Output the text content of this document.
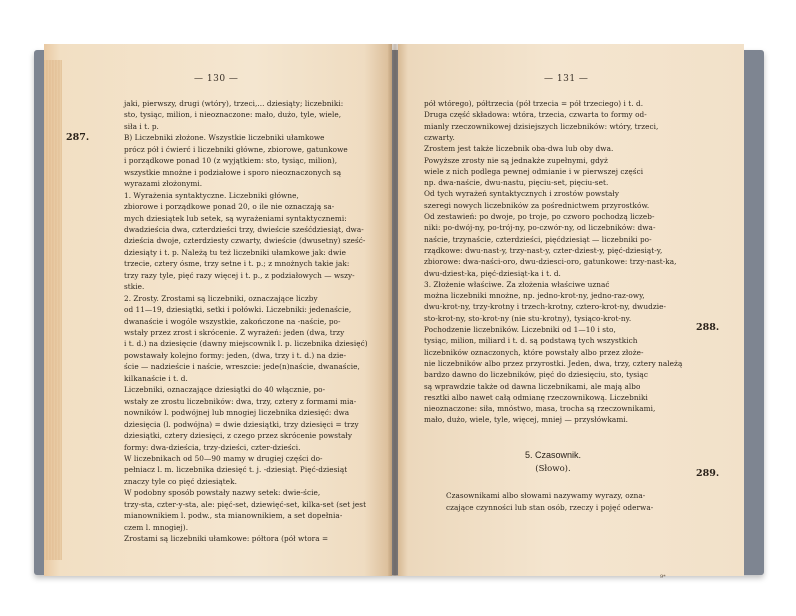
— 130 —
287.
jaki, pierwszy, drugi (wtóry), trzeci,... dziesiąty; liczebniki:
sto, tysiąc, milion, i nieoznaczone: mało, dużo, tyle, wiele,
siła i t. p.
B) Liczebniki złożone. Wszystkie liczebniki ułamkowe
prócz pół i ćwierć i liczebniki główne, zbiorowe, gatunkowe
i porządkowe ponad 10 (z wyjątkiem: sto, tysiąc, milion),
wszystkie mnożne i podziałowe i sporo nieoznaczonych są
wyrazami złożonymi.
1. Wyrażenia syntaktyczne. Liczebniki główne,
zbiorowe i porządkowe ponad 20, o ile nie oznaczają sa-
mych dziesiątek lub setek, są wyrażeniami syntaktycznemi:
dwadzieścia dwa, czterdzieści trzy, dwieście sześćdziesiąt, dwa-
dzieścia dwoje, czterdziesty czwarty, dwieście (dwusetny) sześć-
dziesiąty i t. p. Należą tu też liczebniki ułamkowe jak: dwie
trzecie, cztery ósme, trzy setne i t. p.; z mnożnych takie jak:
trzy razy tyle, pięć razy więcej i t. p., z podziałowych — wszy-
stkie.
2. Zrosty. Zrostami są liczebniki, oznaczające liczby
od 11—19, dziesiątki, setki i połówki. Liczebniki: jedenaście,
dwanaście i wogóle wszystkie, zakończone na -naście, po-
wstały przez zrost i skrócenie. Z wyrażeń: jeden (dwa, trzy
i t. d.) na dziesięcie (dawny miejscownik l. p. liczebnika dziesięć)
powstawały kolejno formy: jeden, (dwa, trzy i t. d.) na dzie-
ście — nadzieście i naście, wreszcie: jede(n)naście, dwanaście,
kilkanaście i t. d.
Liczebniki, oznaczające dziesiątki do 40 włącznie, po-
wstały ze zrostu liczebników: dwa, trzy, cztery z formami mia-
nowników l. podwójnej lub mnogiej liczebnika dziesięć: dwa
dziesięcia (l. podwójna) = dwie dziesiątki, trzy dziesięci = trzy
dziesiątki, cztery dziesięci, z czego przez skrócenie powstały
formy: dwa-dzieścia, trzy-dzieści, czter-dzieści.
W liczebnikach od 50—90 mamy w drugiej części do-
pełniacz l. m. liczebnika dziesięć t. j. -dziesiąt. Pięć-dziesiąt
znaczy tyle co pięć dziesiątek.
W podobny sposób powstały nazwy setek: dwie-ście,
trzy-sta, czter-y-sta, ale: pięć-set, dziewięć-set, kilka-set (set jest
mianownikiem l. podw., sta mianownikiem, a set dopełnia-
czem l. mnogiej).
Zrostami są liczebniki ułamkowe: półtora (pół wtora =
— 131 —
288.
289.
pół wtórego), półtrzecia (pół trzecia = pół trzeciego) i t. d.
Druga część składowa: wtóra, trzecia, czwarta to formy od-
mianly rzeczownikowej dzisiejszych liczebników: wtóry, trzeci,
czwarty.
Zrostem jest także liczebnik oba-dwa lub oby dwa.
Powyższe zrosty nie są jednakże zupełnymi, gdyż
wiele z nich podlega pewnej odmianie i w pierwszej części
np. dwa-naście, dwu-nastu, pięciu-set, pięciu-set.
Od tych wyrażeń syntaktycznych i zrostów powstały
szeregi nowych liczebników za pośrednictwem przyrostków.
Od zestawień: po dwoje, po troje, po czworo pochodzą liczeb-
niki: po-dwój-ny, po-trój-ny, po-czwór-ny, od liczebników: dwa-
naście, trzynaście, czterdzieści, pięćdziesiąt — liczebniki po-
rządkowe: dwu-nast-y, trzy-nast-y, czter-dziest-y, pięć-dziesiąt-y,
zbiorowe: dwa-naści-oro, dwu-dziesci-oro, gatunkowe: trzy-nast-ka,
dwu-dziest-ka, pięć-dziesiąt-ka i t. d.
3. Złożenie właściwe. Za złożenia właściwe uznać
można liczebniki mnożne, np. jedno-krot-ny, jedno-raz-owy,
dwu-krot-ny, trzy-krotny i trzech-krotny, cztero-krot-ny, dwudzie-
sto-krot-ny, sto-krot-ny (nie stu-krotny), tysiąco-krot-ny.
Pochodzenie liczebników. Liczebniki od 1—10 i sto,
tysiąc, milion, miliard i t. d. są podstawą tych wszystkich
liczebników oznaczonych, które powstały albo przez złoże-
nie liczebników albo przez przyrostki. Jeden, dwa, trzy, cztery należą
bardzo dawno do liczebników, pięć do dziesięciu, sto, tysiąc
są wprawdzie także od dawna liczebnikami, ale mają albo
resztki albo nawet całą odmianę rzeczownikową. Liczebniki
nieoznaczone: siła, mnóstwo, masa, trocha są rzeczownikami,
mało, dużo, wiele, tyle, więcej, mniej — przysłówkami.
5. Czasownik.
(Słowo).
Czasownikami albo słowami nazywamy wyrazy, ozna-
czające czynności lub stan osób, rzeczy i pojęć oderwa-
9*
